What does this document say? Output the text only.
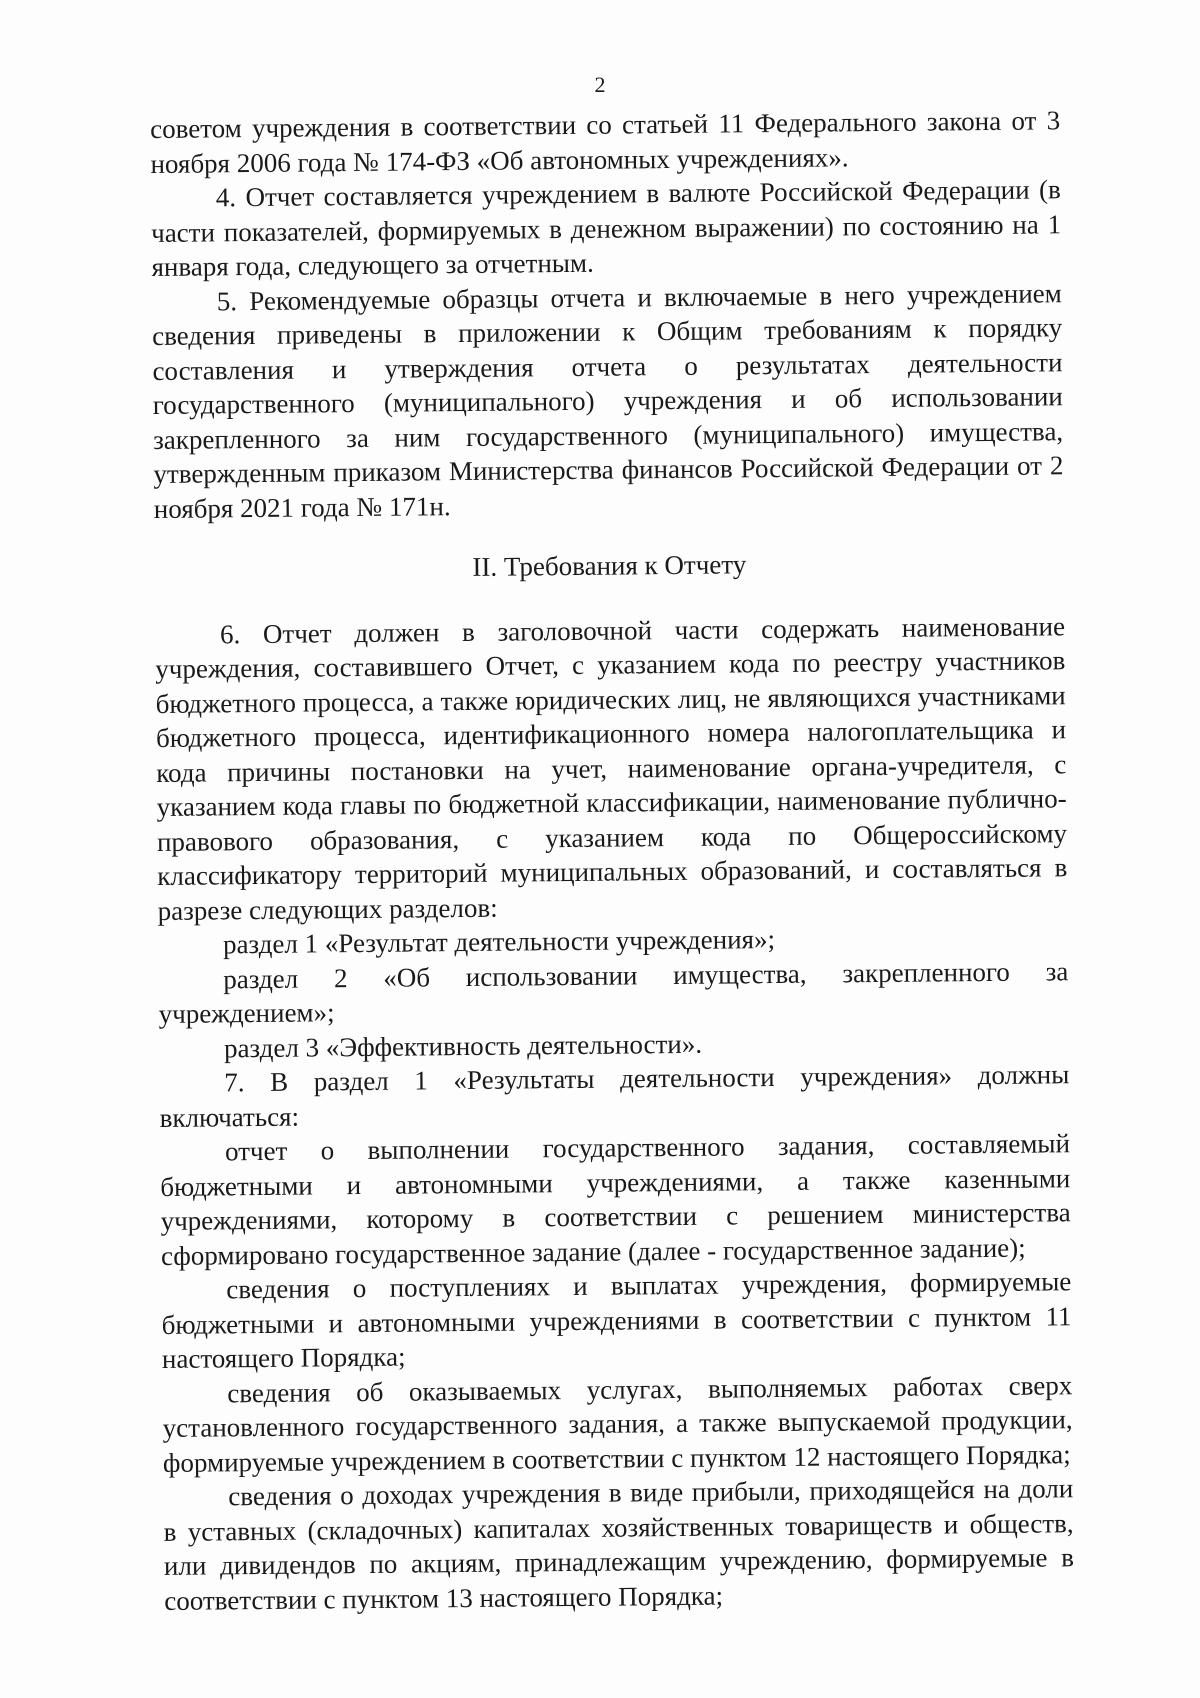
2

советом учреждения в соответствии со статьей 11 Федерального закона от 3 ноября 2006 года № 174-ФЗ «Об автономных учреждениях».

4. Отчет составляется учреждением в валюте Российской Федерации (в части показателей, формируемых в денежном выражении) по состоянию на 1 января года, следующего за отчетным.

5. Рекомендуемые образцы отчета и включаемые в него учреждением сведения приведены в приложении к Общим требованиям к порядку составления и утверждения отчета о результатах деятельности государственного (муниципального) учреждения и об использовании закрепленного за ним государственного (муниципального) имущества, утвержденным приказом Министерства финансов Российской Федерации от 2 ноября 2021 года № 171н.

II. Требования к Отчету

6. Отчет должен в заголовочной части содержать наименование учреждения, составившего Отчет, с указанием кода по реестру участников бюджетного процесса, а также юридических лиц, не являющихся участниками бюджетного процесса, идентификационного номера налогоплательщика и кода причины постановки на учет, наименование органа-учредителя, с указанием кода главы по бюджетной классификации, наименование публично-правового образования, с указанием кода по Общероссийскому классификатору территорий муниципальных образований, и составляться в разрезе следующих разделов:

раздел 1 «Результат деятельности учреждения»;

раздел 2 «Об использовании имущества, закрепленного за учреждением»;

раздел 3 «Эффективность деятельности».

7. В раздел 1 «Результаты деятельности учреждения» должны включаться:

отчет о выполнении государственного задания, составляемый бюджетными и автономными учреждениями, а также казенными учреждениями, которому в соответствии с решением министерства сформировано государственное задание (далее - государственное задание);

сведения о поступлениях и выплатах учреждения, формируемые бюджетными и автономными учреждениями в соответствии с пунктом 11 настоящего Порядка;

сведения об оказываемых услугах, выполняемых работах сверх установленного государственного задания, а также выпускаемой продукции, формируемые учреждением в соответствии с пунктом 12 настоящего Порядка;

сведения о доходах учреждения в виде прибыли, приходящейся на доли в уставных (складочных) капиталах хозяйственных товариществ и обществ, или дивидендов по акциям, принадлежащим учреждению, формируемые в соответствии с пунктом 13 настоящего Порядка;
